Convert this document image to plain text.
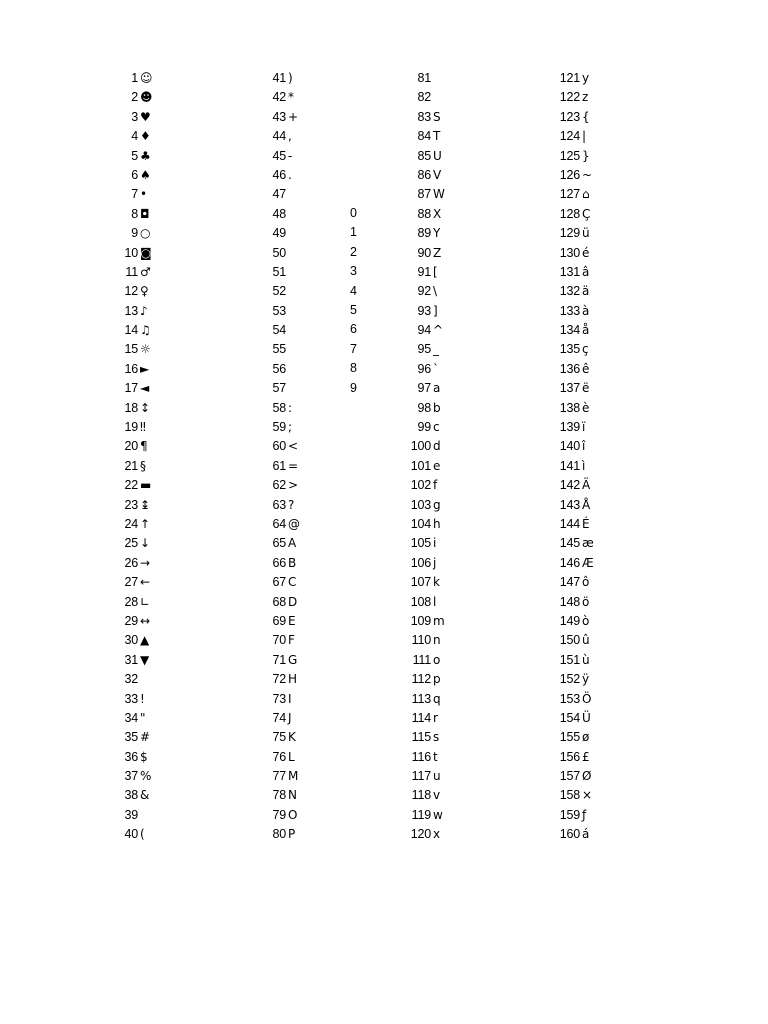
1 ☺
2 ☻
3 ♥
4 ♦
5 ♣
6 ♠
7 •
8 ◘
9 ○
10 ◙
11 ♂
12 ♀
13 ♪
14 ♫
15 ☼
16 ►
17 ◄
18 ↕
19 ‼
20 ¶
21 §
22 ▬
23 ↨
24 ↑
25 ↓
26 →
27 ←
28 ∟
29 ↔
30 ▲
31 ▼
32
33 !
34 "
35 #
36 $
37 %
38 &
39
40 (
41 )
42 *
43 +
44 ,
45 -
46 .
47
48
49
50
51
52
53
54
55
56
57
58 :
59 ;
60 <
61 =
62 >
63 ?
64 @
65 A
66 B
67 C
68 D
69 E
70 F
71 G
72 H
73 I
74 J
75 K
76 L
77 M
78 N
79 O
80 P
81
82
83 S
84 T
85 U
86 V
87 W
88 X
89 Y
90 Z
91 [
92 \
93 ]
94 ^
95 _
96 `
97 a
98 b
99 c
100 d
101 e
102 f
103 g
104 h
105 i
106 j
107 k
108 l
109 m
110 n
111 o
112 p
113 q
114 r
115 s
116 t
117 u
118 v
119 w
120 x
121 y
122 z
123 {
124 |
125 }
126 ~
127 ⌂
128 Ç
129 ü
130 é
131 â
132 ä
133 à
134 å
135 ç
136 ê
137 ë
138 è
139 ï
140 î
141 ì
142 Ä
143 Å
144 É
145 æ
146 Æ
147 ô
148 ö
149 ò
150 û
151 ù
152 ÿ
153 Ö
154 Ü
155 ø
156 £
157 Ø
158 ×
159 ƒ
160 á
0
1
2
3
4
5
6
7
8
9
